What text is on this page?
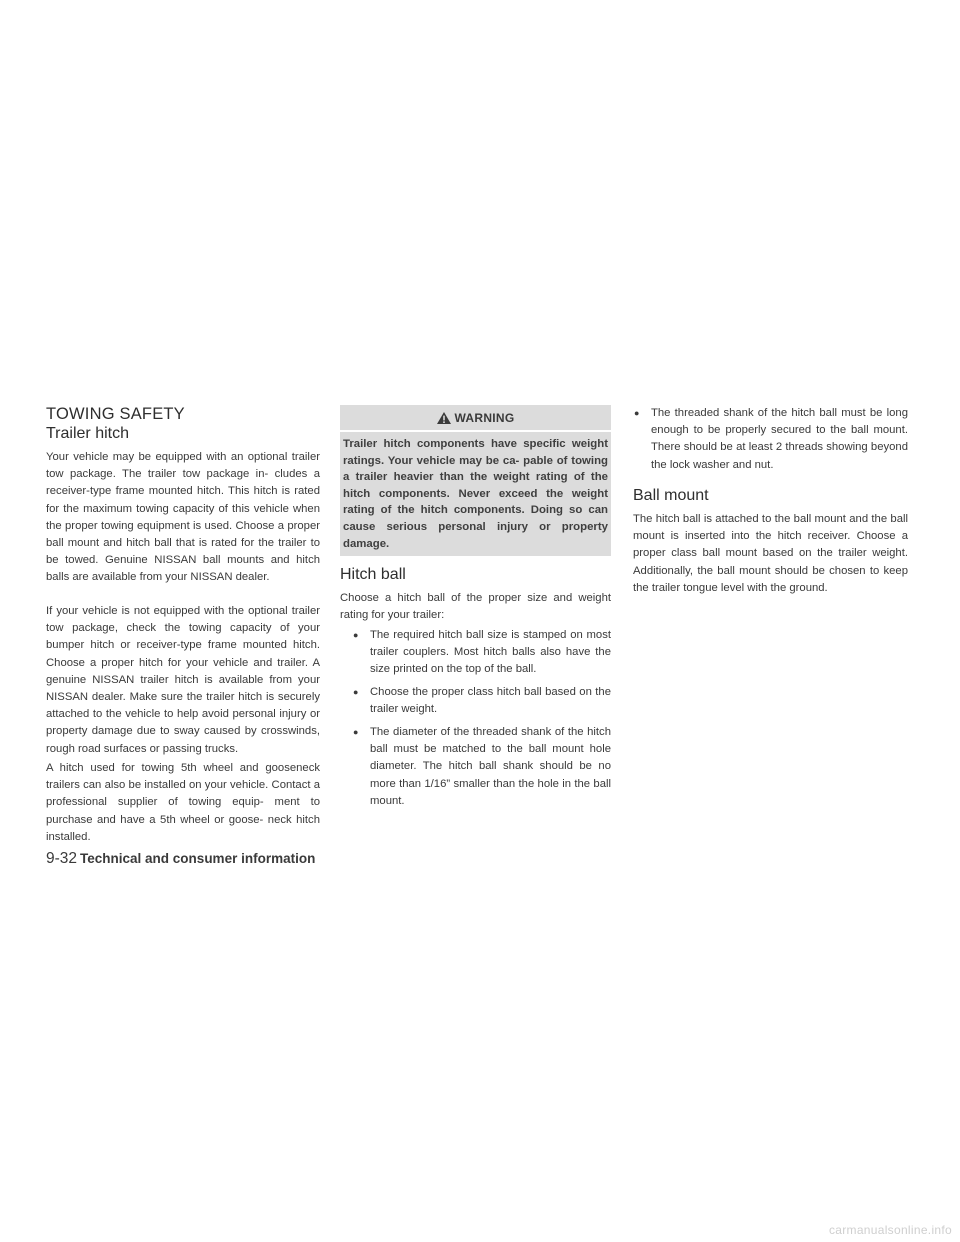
TOWING SAFETY
Trailer hitch

Your vehicle may be equipped with an optional trailer tow package. The trailer tow package in- cludes a receiver-type frame mounted hitch. This hitch is rated for the maximum towing capacity of this vehicle when the proper towing equipment is used. Choose a proper ball mount and hitch ball that is rated for the trailer to be towed. Genuine NISSAN ball mounts and hitch balls are available from your NISSAN dealer.

If your vehicle is not equipped with the optional trailer tow package, check the towing capacity of your bumper hitch or receiver-type frame mounted hitch. Choose a proper hitch for your vehicle and trailer. A genuine NISSAN trailer hitch is available from your NISSAN dealer. Make sure the trailer hitch is securely attached to the vehicle to help avoid personal injury or property damage due to sway caused by crosswinds, rough road surfaces or passing trucks.

A hitch used for towing 5th wheel and gooseneck trailers can also be installed on your vehicle. Contact a professional supplier of towing equip- ment to purchase and have a 5th wheel or goose- neck hitch installed.

WARNING

Trailer hitch components have specific weight ratings. Your vehicle may be ca- pable of towing a trailer heavier than the weight rating of the hitch components. Never exceed the weight rating of the hitch components. Doing so can cause serious personal injury or property damage.

Hitch ball

Choose a hitch ball of the proper size and weight rating for your trailer:

● The required hitch ball size is stamped on most trailer couplers. Most hitch balls also have the size printed on the top of the ball.

● Choose the proper class hitch ball based on the trailer weight.

● The diameter of the threaded shank of the hitch ball must be matched to the ball mount hole diameter. The hitch ball shank should be no more than 1/16” smaller than the hole in the ball mount.

● The threaded shank of the hitch ball must be long enough to be properly secured to the ball mount. There should be at least 2 threads showing beyond the lock washer and nut.

Ball mount

The hitch ball is attached to the ball mount and the ball mount is inserted into the hitch receiver. Choose a proper class ball mount based on the trailer weight. Additionally, the ball mount should be chosen to keep the trailer tongue level with the ground.

9-32 Technical and consumer information
carmanualsonline.info
